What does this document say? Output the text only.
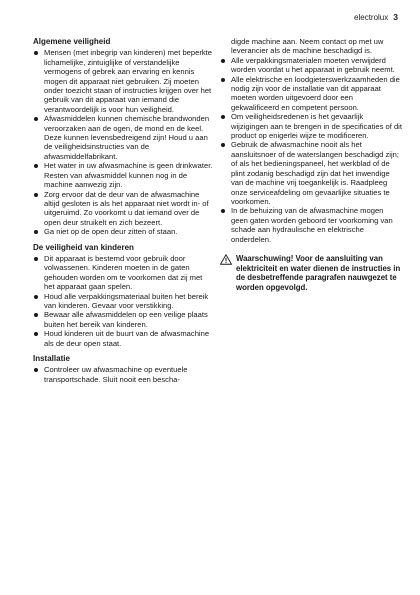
electrolux 3
Algemene veiligheid
Mensen (met inbegrip van kinderen) met beperkte lichamelijke, zintuiglijke of verstandelijke vermogens of gebrek aan ervaring en kennis mogen dit apparaat niet gebruiken. Zij moeten onder toezicht staan of instructies krijgen over het gebruik van dit apparaat van iemand die verantwoordelijk is voor hun veiligheid.
Afwasmiddelen kunnen chemische brandwonden veroorzaken aan de ogen, de mond en de keel. Deze kunnen levensbedreigend zijn! Houd u aan de veiligheidsinstructies van de afwasmiddelfabrikant.
Het water in uw afwasmachine is geen drinkwater. Resten van afwasmiddel kunnen nog in de machine aanwezig zijn.
Zorg ervoor dat de deur van de afwasmachine altijd gesloten is als het apparaat niet wordt in- of uitgeruimd. Zo voorkomt u dat iemand over de open deur struikelt en zich bezeert.
Ga niet op de open deur zitten of staan.
De veiligheid van kinderen
Dit apparaat is bestemd voor gebruik door volwassenen. Kinderen moeten in de gaten gehouden worden om te voorkomen dat zij met het apparaat gaan spelen.
Houd alle verpakkingsmateriaal buiten het bereik van kinderen. Gevaar voor verstikking.
Bewaar alle afwasmiddelen op een veilige plaats buiten het bereik van kinderen.
Houd kinderen uit de buurt van de afwasmachine als de deur open staat.
Installatie
Controleer uw afwasmachine op eventuele transportschade. Sluit nooit een bescha-
digde machine aan. Neem contact op met uw leverancier als de machine beschadigd is.
Alle verpakkingsmaterialen moeten verwijderd worden voordat u het apparaat in gebruik neemt.
Alle elektrische en loodgieterswerkzaamheden die nodig zijn voor de installatie van dit apparaat moeten worden uitgevoerd door een gekwalificeerd en competent persoon.
Om veiligheidsredenen is het gevaarlijk wijzigingen aan te brengen in de specificaties of dit product op enigerlei wijze te modificeren.
Gebruik de afwasmachine nooit als het aansluitsnoer of de waterslangen beschadigd zijn; of als het bedieningspaneel, het werkblad of de plint zodanig beschadigd zijn dat het inwendige van de machine vrij toegankelijk is. Raadpleeg onze serviceafdeling om gevaarlijke situaties te voorkomen.
In de behuizing van de afwasmachine mogen geen gaten worden geboord ter voorkoming van schade aan hydraulische en elektrische onderdelen.
Waarschuwing! Voor de aansluiting van elektriciteit en water dienen de instructies in de desbetreffende paragrafen nauwgezet te worden opgevolgd.
